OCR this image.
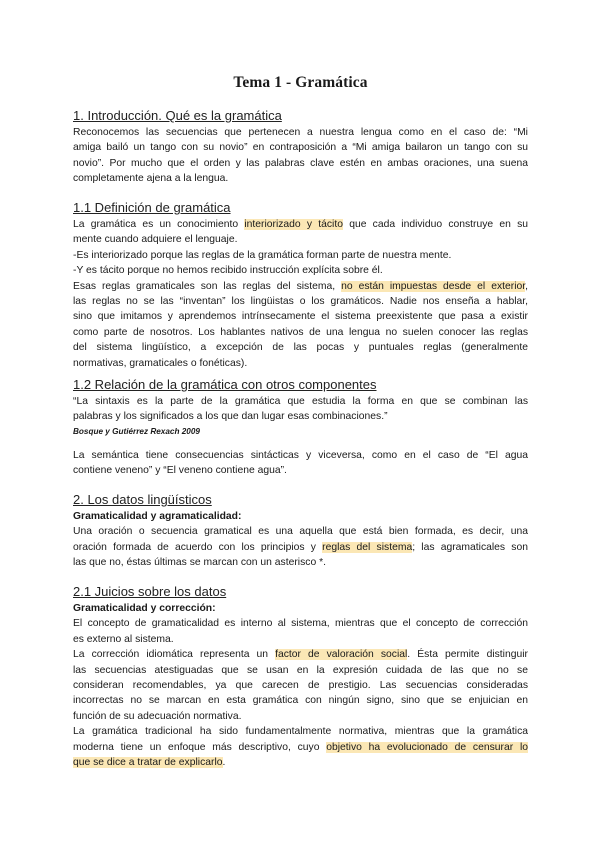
Tema 1 - Gramática
1. Introducción. Qué es la gramática
Reconocemos las secuencias que pertenecen a nuestra lengua como en el caso de: “Mi
amiga bailó un tango con su novio” en contraposición a “Mi amiga bailaron un tango con su
novio”. Por mucho que el orden y las palabras clave estén en ambas oraciones, una suena
completamente ajena a la lengua.
1.1 Definición de gramática
La gramática es un conocimiento interiorizado y tácito que cada individuo construye en su
mente cuando adquiere el lenguaje.
-Es interiorizado porque las reglas de la gramática forman parte de nuestra mente.
-Y es tácito porque no hemos recibido instrucción explícita sobre él.
Esas reglas gramaticales son las reglas del sistema, no están impuestas desde el exterior,
las reglas no se las “inventan” los lingüistas o los gramáticos. Nadie nos enseña a hablar,
sino que imitamos y aprendemos intrínsecamente el sistema preexistente que pasa a existir
como parte de nosotros. Los hablantes nativos de una lengua no suelen conocer las reglas
del sistema lingüístico, a excepción de las pocas y puntuales reglas (generalmente
normativas, gramaticales o fonéticas).
1.2 Relación de la gramática con otros componentes
“La sintaxis es la parte de la gramática que estudia la forma en que se combinan las
palabras y los significados a los que dan lugar esas combinaciones.”
Bosque y Gutiérrez Rexach 2009
La semántica tiene consecuencias sintácticas y viceversa, como en el caso de “El agua
contiene veneno” y “El veneno contiene agua”.
2. Los datos lingüísticos
Gramaticalidad y agramaticalidad:
Una oración o secuencia gramatical es una aquella que está bien formada, es decir, una
oración formada de acuerdo con los principios y reglas del sistema; las agramaticales son
las que no, éstas últimas se marcan con un asterisco *.
2.1 Juicios sobre los datos
Gramaticalidad y corrección:
El concepto de gramaticalidad es interno al sistema, mientras que el concepto de corrección
es externo al sistema.
La corrección idiomática representa un factor de valoración social. Ésta permite distinguir
las secuencias atestiguadas que se usan en la expresión cuidada de las que no se
consideran recomendables, ya que carecen de prestigio. Las secuencias consideradas
incorrectas no se marcan en esta gramática con ningún signo, sino que se enjuician en
función de su adecuación normativa.
La gramática tradicional ha sido fundamentalmente normativa, mientras que la gramática
moderna tiene un enfoque más descriptivo, cuyo objetivo ha evolucionado de censurar lo
que se dice a tratar de explicarlo.
